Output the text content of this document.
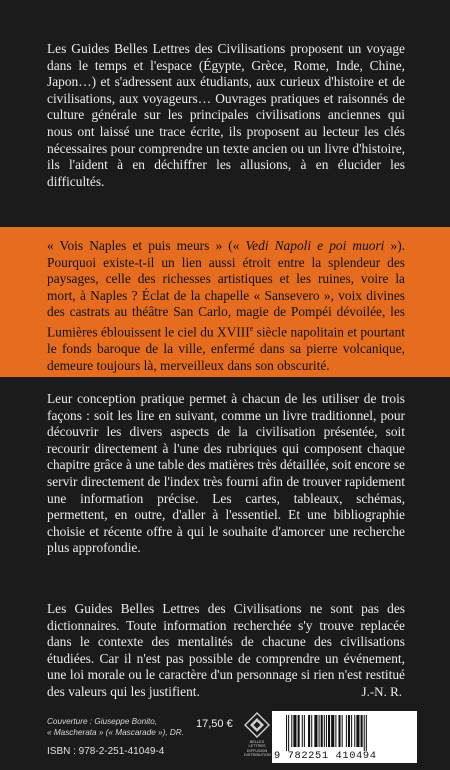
Les Guides Belles Lettres des Civilisations proposent un voyage dans le temps et l'espace (Égypte, Grèce, Rome, Inde, Chine, Japon…) et s'adressent aux étudiants, aux curieux d'histoire et de civilisations, aux voyageurs… Ouvrages pratiques et raisonnés de culture générale sur les principales civilisations anciennes qui nous ont laissé une trace écrite, ils proposent au lecteur les clés nécessaires pour comprendre un texte ancien ou un livre d'histoire, ils l'aident à en déchiffrer les allusions, à en élucider les difficultés.

« Vois Naples et puis meurs » (« Vedi Napoli e poi muori »). Pourquoi existe-t-il un lien aussi étroit entre la splendeur des paysages, celle des richesses artistiques et les ruines, voire la mort, à Naples ? Éclat de la chapelle « Sansevero », voix divines des castrats au théâtre San Carlo, magie de Pompéi dévoilée, les Lumières éblouissent le ciel du XVIIIe siècle napolitain et pourtant le fonds baroque de la ville, enfermé dans sa pierre volcanique, demeure toujours là, merveilleux dans son obscurité.

Leur conception pratique permet à chacun de les utiliser de trois façons : soit les lire en suivant, comme un livre traditionnel, pour découvrir les divers aspects de la civilisation présentée, soit recourir directement à l'une des rubriques qui composent chaque chapitre grâce à une table des matières très détaillée, soit encore se servir directement de l'index très fourni afin de trouver rapidement une information précise. Les cartes, tableaux, schémas, permettent, en outre, d'aller à l'essentiel. Et une bibliographie choisie et récente offre à qui le souhaite d'amorcer une recherche plus approfondie.

Les Guides Belles Lettres des Civilisations ne sont pas des dictionnaires. Toute information recherchée s'y trouve replacée dans le contexte des mentalités de chacune des civilisations étudiées. Car il n'est pas possible de comprendre un événement, une loi morale ou le caractère d'un personnage si rien n'est restitué des valeurs qui les justifient.	J.-N. R.

Couverture : Giuseppe Bonito,
« Mascherata » (« Mascarade »), DR.
ISBN : 978-2-251-41049-4
17,50 €
BELLES LETTRES
DIFFUSION
DISTRIBUTION 9 782251 410494
